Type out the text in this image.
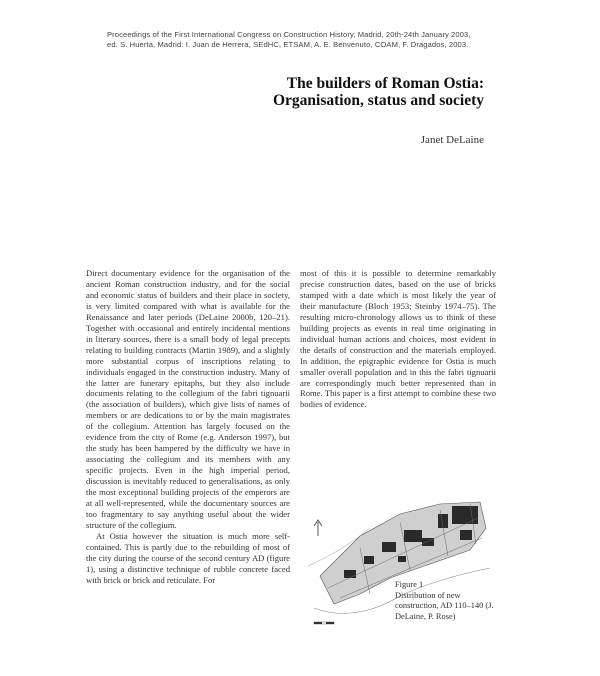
Proceedings of the First International Congress on Construction History, Madrid, 20th-24th January 2003,
ed. S. Huerta, Madrid: I. Juan de Herrera, SEdHC, ETSAM, A. E. Benvenuto, COAM, F. Dragados, 2003.
The builders of Roman Ostia:
Organisation, status and society
Janet DeLaine

Direct documentary evidence for the organisation of the ancient Roman construction industry, and for the social and economic status of builders and their place in society, is very limited compared with what is available for the Renaissance and later periods (DeLaine 2000b, 120–21). Together with occasional and entirely incidental mentions in literary sources, there is a small body of legal precepts relating to building contracts (Martin 1989), and a slightly more substantial corpus of inscriptions relating to individuals engaged in the construction industry. Many of the latter are funerary epitaphs, but they also include documents relating to the collegium of the fabri tignuarii (the association of builders), which give lists of names of members or are dedications to or by the main magistrates of the collegium. Attention has largely focused on the evidence from the city of Rome (e.g. Anderson 1997), but the study has been hampered by the difficulty we have in associating the collegium and its members with any specific projects. Even in the high imperial period, discussion is inevitably reduced to generalisations, as only the most exceptional building projects of the emperors are at all well-represented, while the documentary sources are too fragmentary to say anything useful about the wider structure of the collegium.

At Ostia however the situation is much more self-contained. This is partly due to the rebuilding of most of the city during the course of the second century AD (figure 1), using a distinctive technique of rubble concrete faced with brick or brick and reticulate. For

most of this it is possible to determine remarkably precise construction dates, based on the use of bricks stamped with a date which is most likely the year of their manufacture (Bloch 1953; Steinby 1974–75). The resulting micro-chronology allows us to think of these building projects as events in real time originating in individual human actions and choices, most evident in the details of construction and the materials employed. In addition, the epigraphic evidence for Ostia is much smaller overall population and in this the fabri tignuarii are correspondingly much better represented than in Rome. This paper is a first attempt to combine these two bodies of evidence.

Figure 1
Distribution of new construction, AD 110–140 (J. DeLaine, P. Rose)
